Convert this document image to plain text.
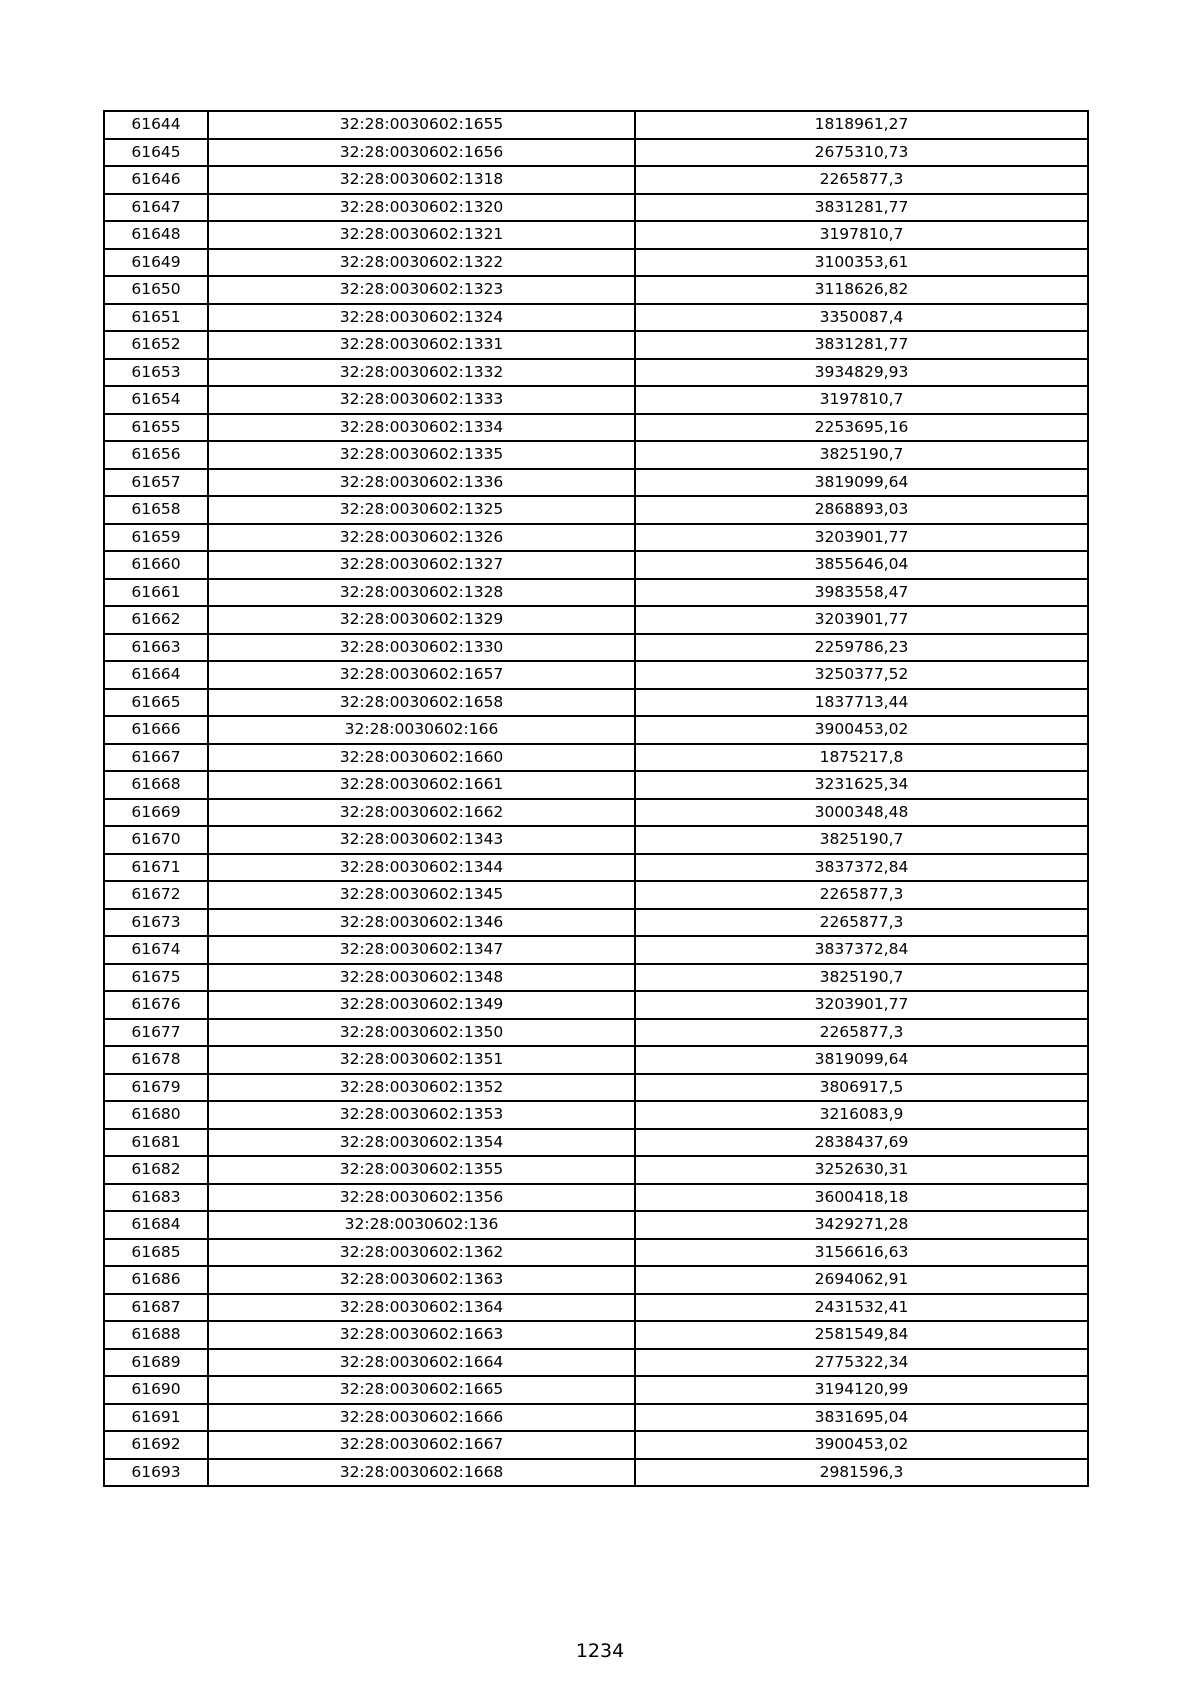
61644	32:28:0030602:1655	1818961,27
61645	32:28:0030602:1656	2675310,73
61646	32:28:0030602:1318	2265877,3
61647	32:28:0030602:1320	3831281,77
61648	32:28:0030602:1321	3197810,7
61649	32:28:0030602:1322	3100353,61
61650	32:28:0030602:1323	3118626,82
61651	32:28:0030602:1324	3350087,4
61652	32:28:0030602:1331	3831281,77
61653	32:28:0030602:1332	3934829,93
61654	32:28:0030602:1333	3197810,7
61655	32:28:0030602:1334	2253695,16
61656	32:28:0030602:1335	3825190,7
61657	32:28:0030602:1336	3819099,64
61658	32:28:0030602:1325	2868893,03
61659	32:28:0030602:1326	3203901,77
61660	32:28:0030602:1327	3855646,04
61661	32:28:0030602:1328	3983558,47
61662	32:28:0030602:1329	3203901,77
61663	32:28:0030602:1330	2259786,23
61664	32:28:0030602:1657	3250377,52
61665	32:28:0030602:1658	1837713,44
61666	32:28:0030602:166	3900453,02
61667	32:28:0030602:1660	1875217,8
61668	32:28:0030602:1661	3231625,34
61669	32:28:0030602:1662	3000348,48
61670	32:28:0030602:1343	3825190,7
61671	32:28:0030602:1344	3837372,84
61672	32:28:0030602:1345	2265877,3
61673	32:28:0030602:1346	2265877,3
61674	32:28:0030602:1347	3837372,84
61675	32:28:0030602:1348	3825190,7
61676	32:28:0030602:1349	3203901,77
61677	32:28:0030602:1350	2265877,3
61678	32:28:0030602:1351	3819099,64
61679	32:28:0030602:1352	3806917,5
61680	32:28:0030602:1353	3216083,9
61681	32:28:0030602:1354	2838437,69
61682	32:28:0030602:1355	3252630,31
61683	32:28:0030602:1356	3600418,18
61684	32:28:0030602:136	3429271,28
61685	32:28:0030602:1362	3156616,63
61686	32:28:0030602:1363	2694062,91
61687	32:28:0030602:1364	2431532,41
61688	32:28:0030602:1663	2581549,84
61689	32:28:0030602:1664	2775322,34
61690	32:28:0030602:1665	3194120,99
61691	32:28:0030602:1666	3831695,04
61692	32:28:0030602:1667	3900453,02
61693	32:28:0030602:1668	2981596,3
1234
